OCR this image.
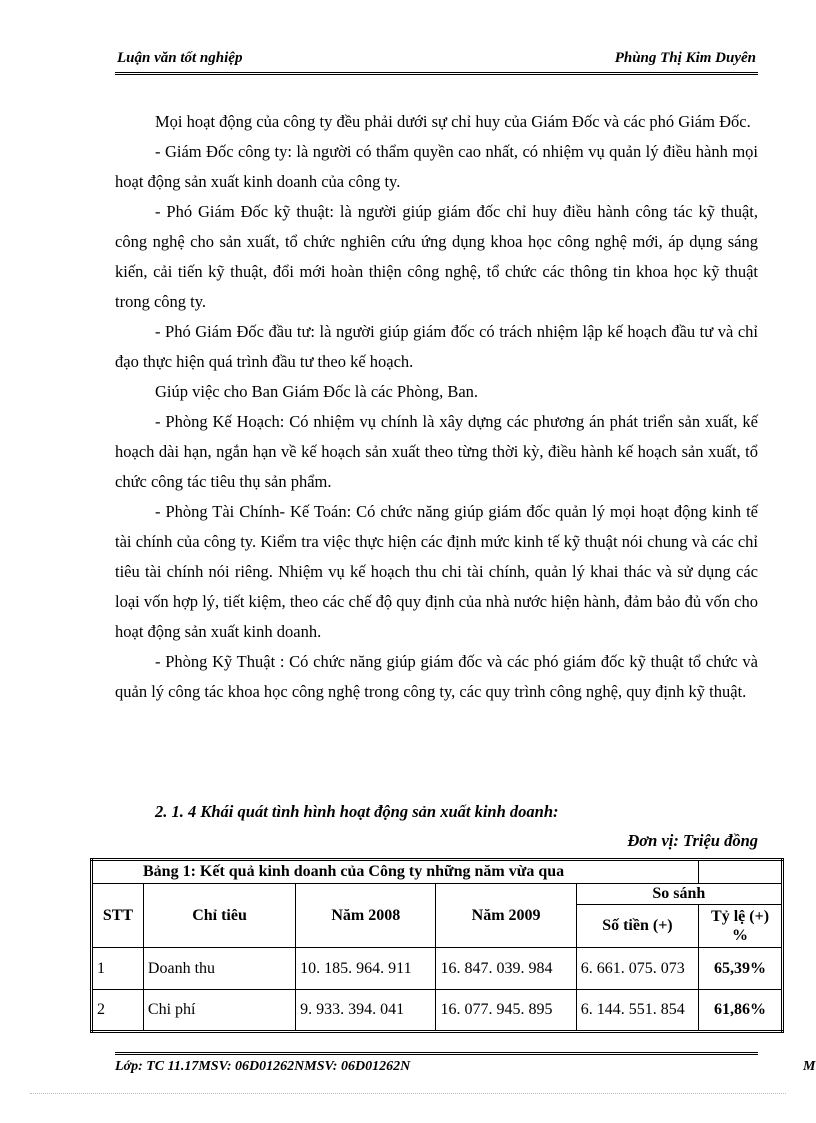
Luận văn tốt nghiệp	Phùng Thị Kim Duyên

Mọi hoạt động của công ty đều phải dưới sự chỉ huy của Giám Đốc và các phó Giám Đốc.

- Giám Đốc công ty: là người có thẩm quyền cao nhất, có nhiệm vụ quản lý điều hành mọi hoạt động sản xuất kinh doanh của công ty.

- Phó Giám Đốc kỹ thuật: là người giúp giám đốc chỉ huy điều hành công tác kỹ thuật, công nghệ cho sản xuất, tổ chức nghiên cứu ứng dụng khoa học công nghệ mới, áp dụng sáng kiến, cải tiến kỹ thuật, đổi mới hoàn thiện công nghệ, tổ chức các thông tin khoa học kỹ thuật trong công ty.

- Phó Giám Đốc đầu tư: là người giúp giám đốc có trách nhiệm lập kế hoạch đầu tư và chỉ đạo thực hiện quá trình đầu tư theo kế hoạch.

Giúp việc cho Ban Giám Đốc là các Phòng, Ban.

- Phòng Kế Hoạch: Có nhiệm vụ chính là xây dựng các phương án phát triển sản xuất, kế hoạch dài hạn, ngắn hạn về kế hoạch sản xuất theo từng thời kỳ, điều hành kế hoạch sản xuất, tổ chức công tác tiêu thụ sản phẩm.

- Phòng Tài Chính- Kế Toán: Có chức năng giúp giám đốc quản lý mọi hoạt động kinh tế tài chính của công ty. Kiểm tra việc thực hiện các định mức kinh tế kỹ thuật nói chung và các chỉ tiêu tài chính nói riêng. Nhiệm vụ kế hoạch thu chi tài chính, quản lý khai thác và sử dụng các loại vốn hợp lý, tiết kiệm, theo các chế độ quy định của nhà nước hiện hành, đảm bảo đủ vốn cho hoạt động sản xuất kinh doanh.

- Phòng Kỹ Thuật : Có chức năng giúp giám đốc và các phó giám đốc kỹ thuật tổ chức và quản lý công tác khoa học công nghệ trong công ty, các quy trình công nghệ, quy định kỹ thuật.

2. 1. 4 Khái quát tình hình hoạt động sản xuất kinh doanh:
Đơn vị: Triệu đồng
Bảng 1: Kết quả kinh doanh của Công ty những năm vừa qua					
STT	Chỉ tiêu	Năm 2008	Năm 2009	So sánh	
				Số tiền (+)	Tỷ lệ (+) %
1	Doanh thu	10. 185. 964. 911	16. 847. 039. 984	6. 661. 075. 073	65,39%
2	Chi phí	9. 933. 394. 041	16. 077. 945. 895	6. 144. 551. 854	61,86%
Lớp: TC 11.17MSV: 06D01262NMSV: 06D01262N	M
